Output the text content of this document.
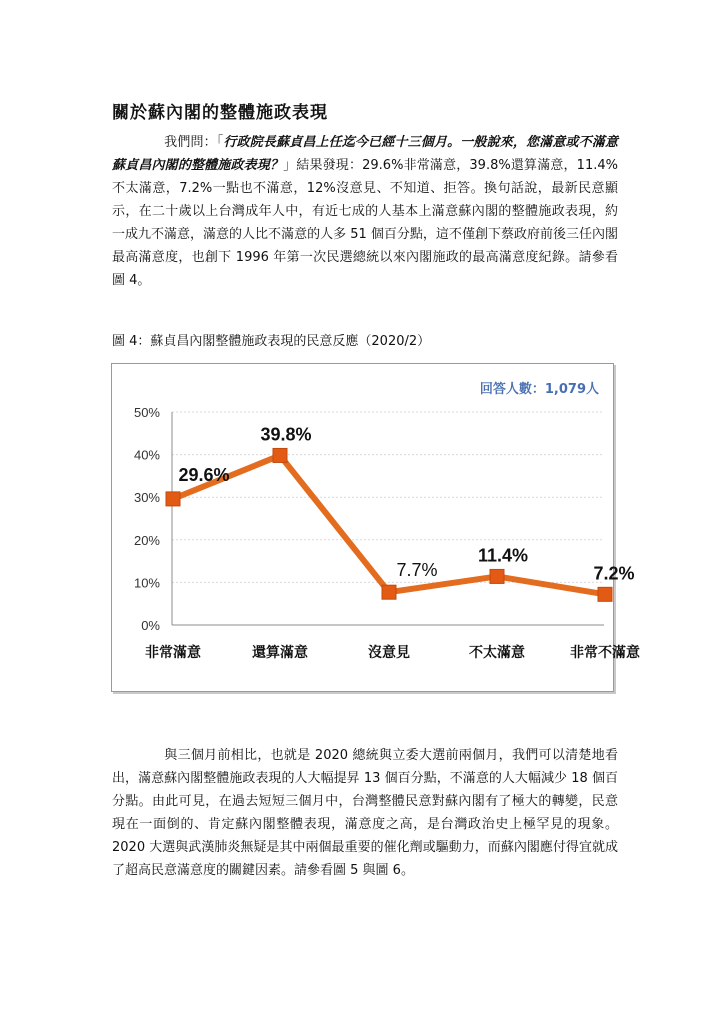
關於蘇內閣的整體施政表現

我們問：「行政院長蘇貞昌上任迄今已經十三個月。一般說來，您滿意或不滿意蘇貞昌內閣的整體施政表現？」結果發現：29.6%非常滿意，39.8%還算滿意，11.4%不太滿意，7.2%一點也不滿意，12%沒意見、不知道、拒答。換句話說，最新民意顯示，在二十歲以上台灣成年人中，有近七成的人基本上滿意蘇內閣的整體施政表現，約一成九不滿意，滿意的人比不滿意的人多 51 個百分點，這不僅創下蔡政府前後三任內閣最高滿意度，也創下 1996 年第一次民選總統以來內閣施政的最高滿意度紀錄。請參看圖 4。

圖 4：蘇貞昌內閣整體施政表現的民意反應（2020/2）
回答人數：1,079人
0%
10%
20%
30%
40%
50%
29.6%
39.8%
7.7%
11.4%
7.2%
非常滿意	還算滿意	沒意見	不太滿意	非常不滿意

與三個月前相比，也就是 2020 總統與立委大選前兩個月，我們可以清楚地看出，滿意蘇內閣整體施政表現的人大幅提昇 13 個百分點，不滿意的人大幅減少 18 個百分點。由此可見，在過去短短三個月中，台灣整體民意對蘇內閣有了極大的轉變，民意現在一面倒的、肯定蘇內閣整體表現，滿意度之高，是台灣政治史上極罕見的現象。2020 大選與武漢肺炎無疑是其中兩個最重要的催化劑或驅動力，而蘇內閣應付得宜就成了超高民意滿意度的關鍵因素。請參看圖 5 與圖 6。
